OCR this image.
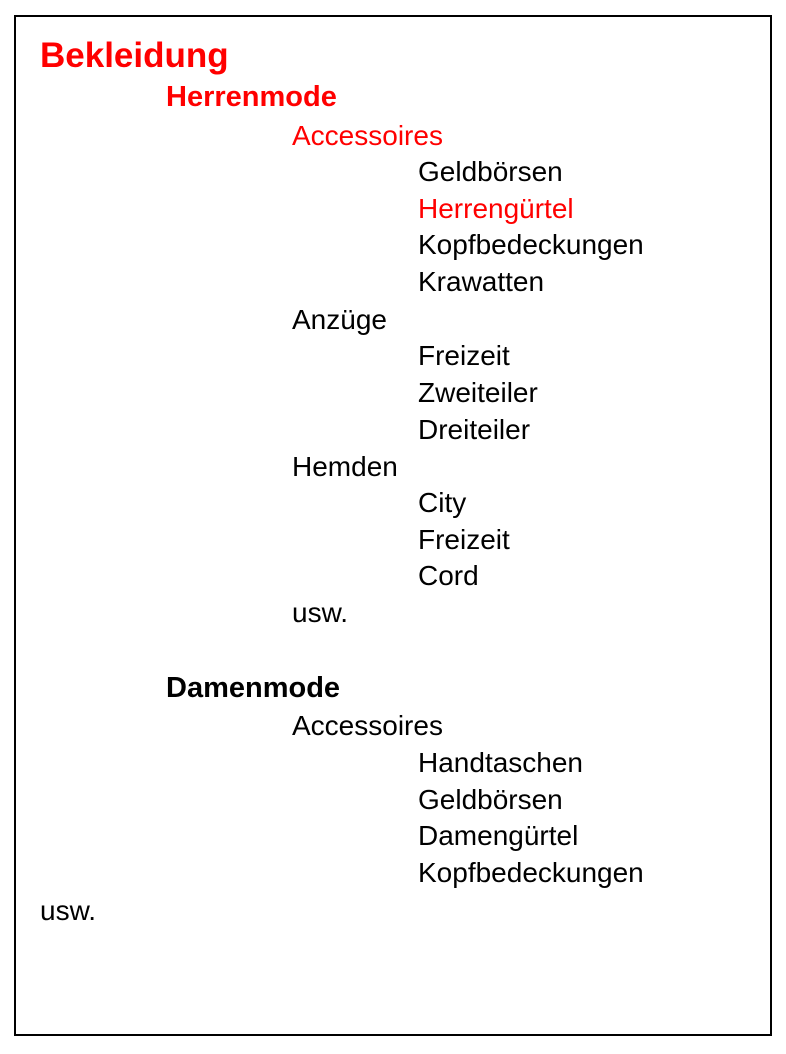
Bekleidung
Herrenmode
Accessoires
Geldbörsen
Herrengürtel
Kopfbedeckungen
Krawatten
Anzüge
Freizeit
Zweiteiler
Dreiteiler
Hemden
City
Freizeit
Cord
usw.
Damenmode
Accessoires
Handtaschen
Geldbörsen
Damengürtel
Kopfbedeckungen
usw.
